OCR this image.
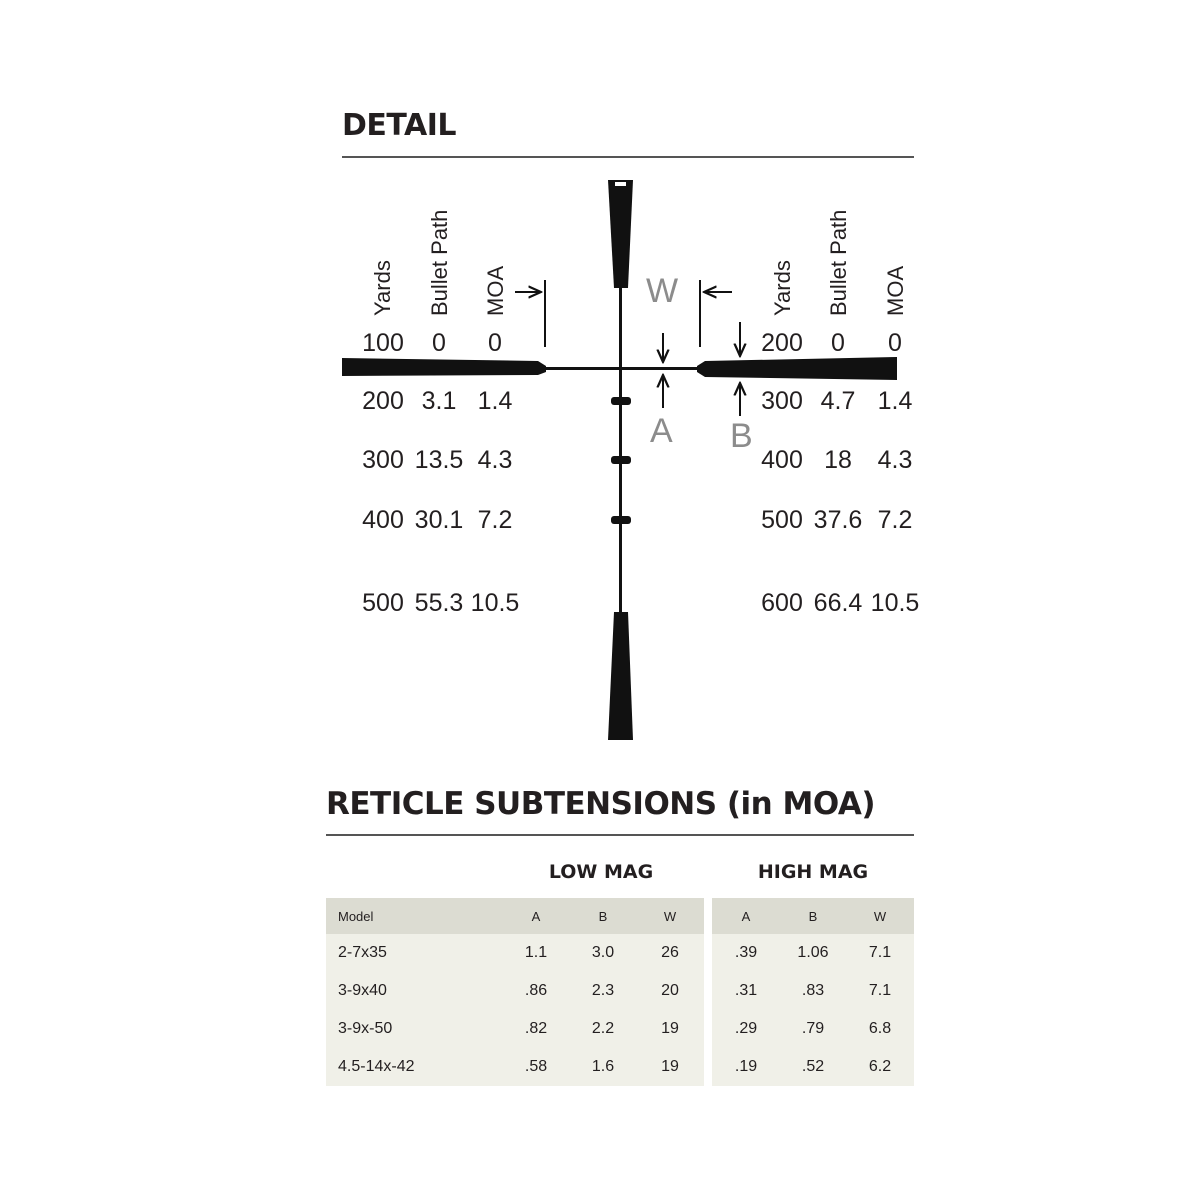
DETAIL
W
A B
Yards Bullet Path MOA	Yards Bullet Path MOA
100 0 0
200 3.1 1.4
300 13.5 4.3
400 30.1 7.2
500 55.3 10.5
200 0 0
300 4.7 1.4
400 18 4.3
500 37.6 7.2
600 66.4 10.5
RETICLE SUBTENSIONS (in MOA)
LOW MAG	HIGH MAG
Model	A	B	W		A	B	W
2-7x35	1.1	3.0	26		.39	1.06	7.1
3-9x40	.86	2.3	20		.31	.83	7.1
3-9x-50	.82	2.2	19		.29	.79	6.8
4.5-14x-42	.58	1.6	19		.19	.52	6.2
